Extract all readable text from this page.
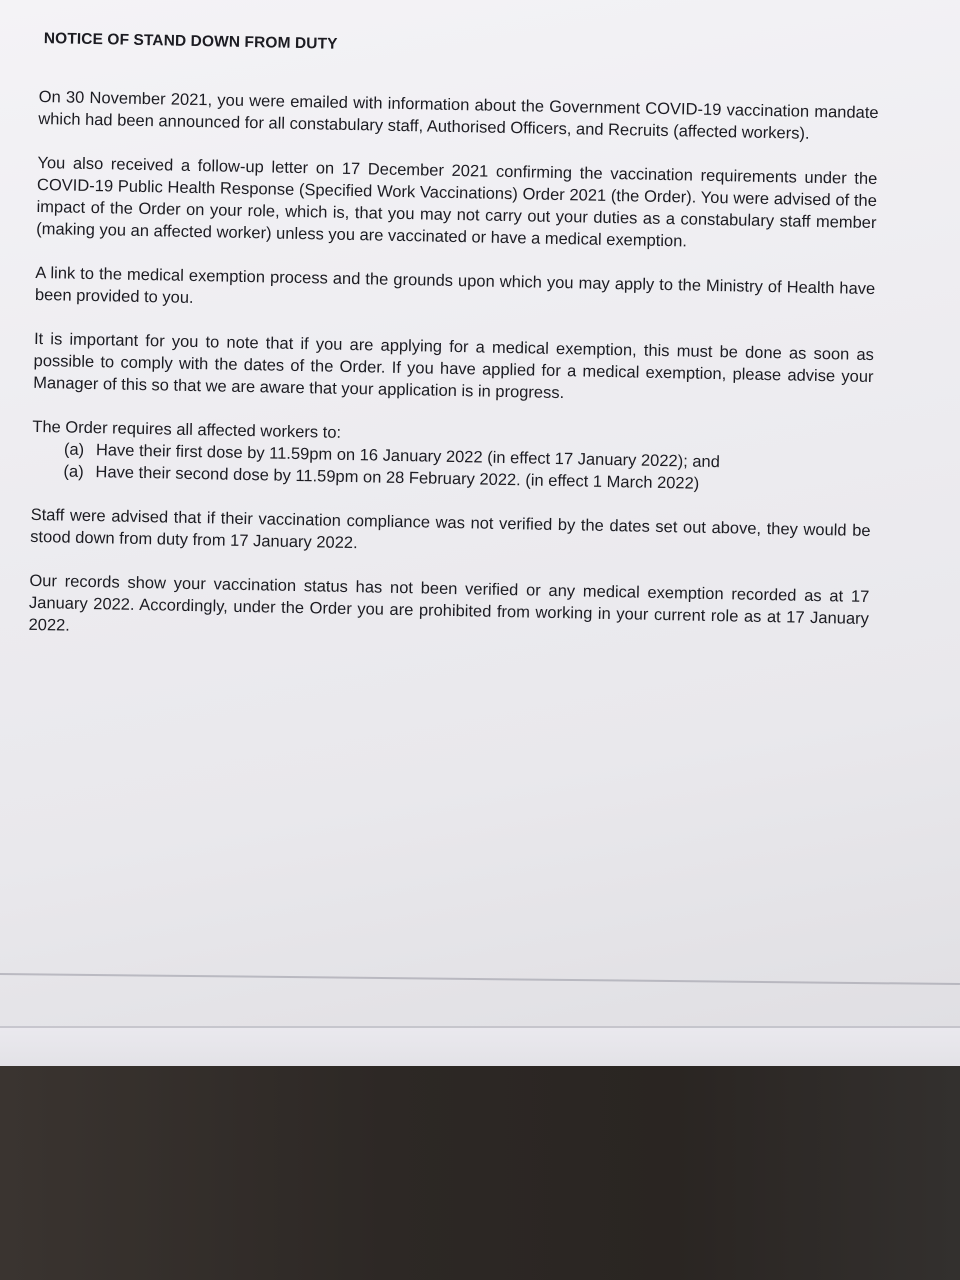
NOTICE OF STAND DOWN FROM DUTY

On 30 November 2021, you were emailed with information about the Government COVID-19 vaccination mandate which had been announced for all constabulary staff, Authorised Officers, and Recruits (affected workers).

You also received a follow-up letter on 17 December 2021 confirming the vaccination requirements under the COVID-19 Public Health Response (Specified Work Vaccinations) Order 2021 (the Order). You were advised of the impact of the Order on your role, which is, that you may not carry out your duties as a constabulary staff member (making you an affected worker) unless you are vaccinated or have a medical exemption.

A link to the medical exemption process and the grounds upon which you may apply to the Ministry of Health have been provided to you.

It is important for you to note that if you are applying for a medical exemption, this must be done as soon as possible to comply with the dates of the Order. If you have applied for a medical exemption, please advise your Manager of this so that we are aware that your application is in progress.

The Order requires all affected workers to:
(a) Have their first dose by 11.59pm on 16 January 2022 (in effect 17 January 2022); and
(a) Have their second dose by 11.59pm on 28 February 2022. (in effect 1 March 2022)

Staff were advised that if their vaccination compliance was not verified by the dates set out above, they would be stood down from duty from 17 January 2022.

Our records show your vaccination status has not been verified or any medical exemption recorded as at 17 January 2022. Accordingly, under the Order you are prohibited from working in your current role as at 17 January 2022.
